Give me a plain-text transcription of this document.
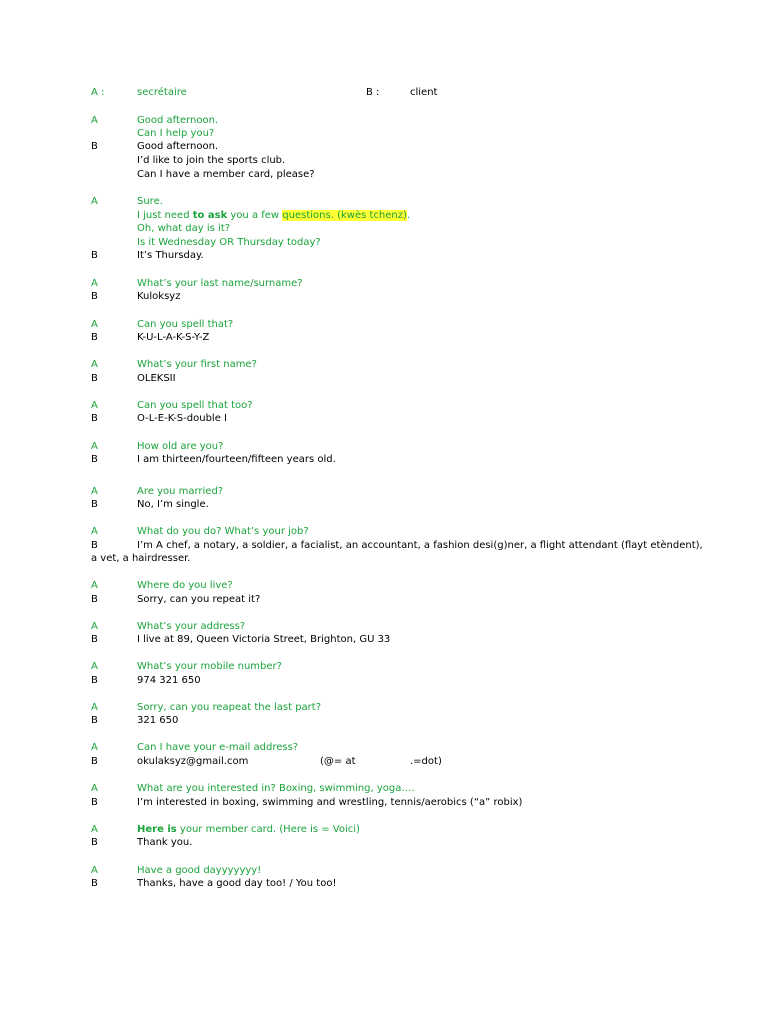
A :	secrétaire	B :	client
A	Good afternoon.
Can I help you?
B	Good afternoon.
I’d like to join the sports club.
Can I have a member card, please?
A	Sure.
I just need to ask you a few questions. (kwès tchenz).
Oh, what day is it?
Is it Wednesday OR Thursday today?
B	It’s Thursday.
A	What’s your last name/surname?
B	Kuloksyz
A	Can you spell that?
B	K-U-L-A-K-S-Y-Z
A	What’s your first name?
B	OLEKSII
A	Can you spell that too?
B	O-L-E-K-S-double I
A	How old are you?
B	I am thirteen/fourteen/fifteen years old.
A	Are you married?
B	No, I’m single.
A	What do you do? What’s your job?
B	I’m A chef, a notary, a soldier, a facialist, an accountant, a fashion desi(g)ner, a flight attendant (flayt etèndent),
a vet, a hairdresser.
A	Where do you live?
B	Sorry, can you repeat it?
A	What’s your address?
B	I live at 89, Queen Victoria Street, Brighton, GU 33
A	What’s your mobile number?
B	974 321 650
A	Sorry, can you reapeat the last part?
B	321 650
A	Can I have your e-mail address?
B	okulaksyz@gmail.com	(@= at	.=dot)
A	What are you interested in? Boxing, swimming, yoga….
B	I’m interested in boxing, swimming and wrestling, tennis/aerobics (“a” robix)
A	Here is your member card. (Here is = Voici)
B	Thank you.
A	Have a good dayyyyyyy!
B	Thanks, have a good day too! / You too!
